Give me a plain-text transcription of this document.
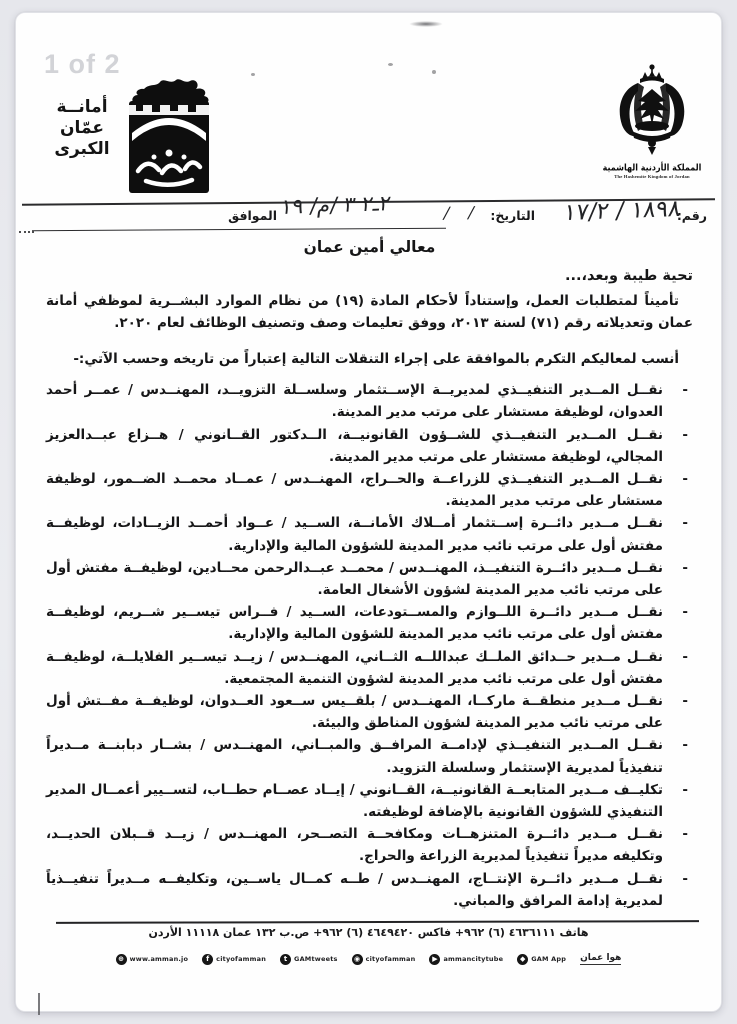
1 of 2
أمانــة
عمّان
الكبرى
المملكة الأردنية الهاشمية
The Hashemite Kingdom of Jordan
رقم:
١٨٩٨ / ١٧/٢
التاريخ:
/ /
الموافق ٢ـ٢ ٣ /م/ ١٩
معالي أمين عمان
تحية طيبة وبعد،...

تأميناً لمتطلبات العمل، وإستناداً لأحكام المادة (١٩) من نظام الموارد البشــرية لموظفي أمانة عمان وتعديلاته رقم (٧١) لسنة ٢٠١٣، ووفق تعليمات وصف وتصنيف الوظائف لعام ٢٠٢٠.

أنسب لمعاليكم التكرم بالموافقة على إجراء التنقلات التالية إعتباراً من تاريخه وحسب الآتي:-

- نقــل المــدير التنفيــذي لمديريــة الإســتثمار وسلســلة التزويــد، المهنــدس / عمــر أحمد العدوان، لوظيفة مستشار على مرتب مدير المدينة.
- نقــل المــدير التنفيــذي للشــؤون القانونيــة، الــدكتور القــانوني / هــزاع عبــدالعزيز المجالي، لوظيفة مستشار على مرتب مدير المدينة.
- نقــل المــدير التنفيــذي للزراعــة والحــراج، المهنــدس / عمــاد محمــد الضــمور، لوظيفة مستشار على مرتب مدير المدينة.
- نقــل مــدير دائــرة إســتثمار أمــلاك الأمانــة، الســيد / عــواد أحمــد الزيــادات، لوظيفــة مفتش أول على مرتب نائب مدير المدينة للشؤون المالية والإدارية.
- نقــل مــدير دائــرة التنفيــذ، المهنــدس / محمــد عبــدالرحمن محــادين، لوظيفــة مفتش أول على مرتب نائب مدير المدينة لشؤون الأشغال العامة.
- نقــل مــدير دائــرة اللــوازم والمســتودعات، الســيد / فــراس تيســير شــريم، لوظيفــة مفتش أول على مرتب نائب مدير المدينة للشؤون المالية والإدارية.
- نقــل مــدير حــدائق الملــك عبداللــه الثــاني، المهنــدس / زيــد تيســير الفلايلــة، لوظيفــة مفتش أول على مرتب نائب مدير المدينة لشؤون التنمية المجتمعية.
- نقــل مــدير منطقــة ماركــا، المهنــدس / بلقــيس ســعود العــدوان، لوظيفــة مفــتش أول على مرتب نائب مدير المدينة لشؤون المناطق والبيئة.
- نقــل المــدير التنفيــذي لإدامــة المرافــق والمبــاني، المهنــدس / بشــار دبابنــة مــديراً تنفيذياً لمديرية الإستثمار وسلسلة التزويد.
- تكليــف مــدير المتابعــة القانونيــة، القــانوني / إيــاد عصــام حطــاب، لتســيير أعمــال المدير التنفيذي للشؤون القانونية بالإضافة لوظيفته.
- نقــل مــدير دائــرة المتنزهــات ومكافحــة التصــحر، المهنــدس / زيــد قــبلان الحديــد، وتكليفه مديراً تنفيذياً لمديرية الزراعة والحراج.
- نقــل مــدير دائــرة الإنتــاج، المهنــدس / طــه كمــال ياســين، وتكليفــه مــديراً تنفيــذياً لمديرية إدامة المرافق والمباني.
هاتف ٤٦٣٦١١١ (٦) ٩٦٢+ فاكس ٤٦٤٩٤٢٠ (٦) ٩٦٢+ ص.ب ١٣٢ عمان ١١١١٨ الأردن
⊕ www.amman.jo	f	cityofamman	t	GAMtweets	◉ cityofamman	▶ ammancitytube	◆ GAM App هوا عمان
